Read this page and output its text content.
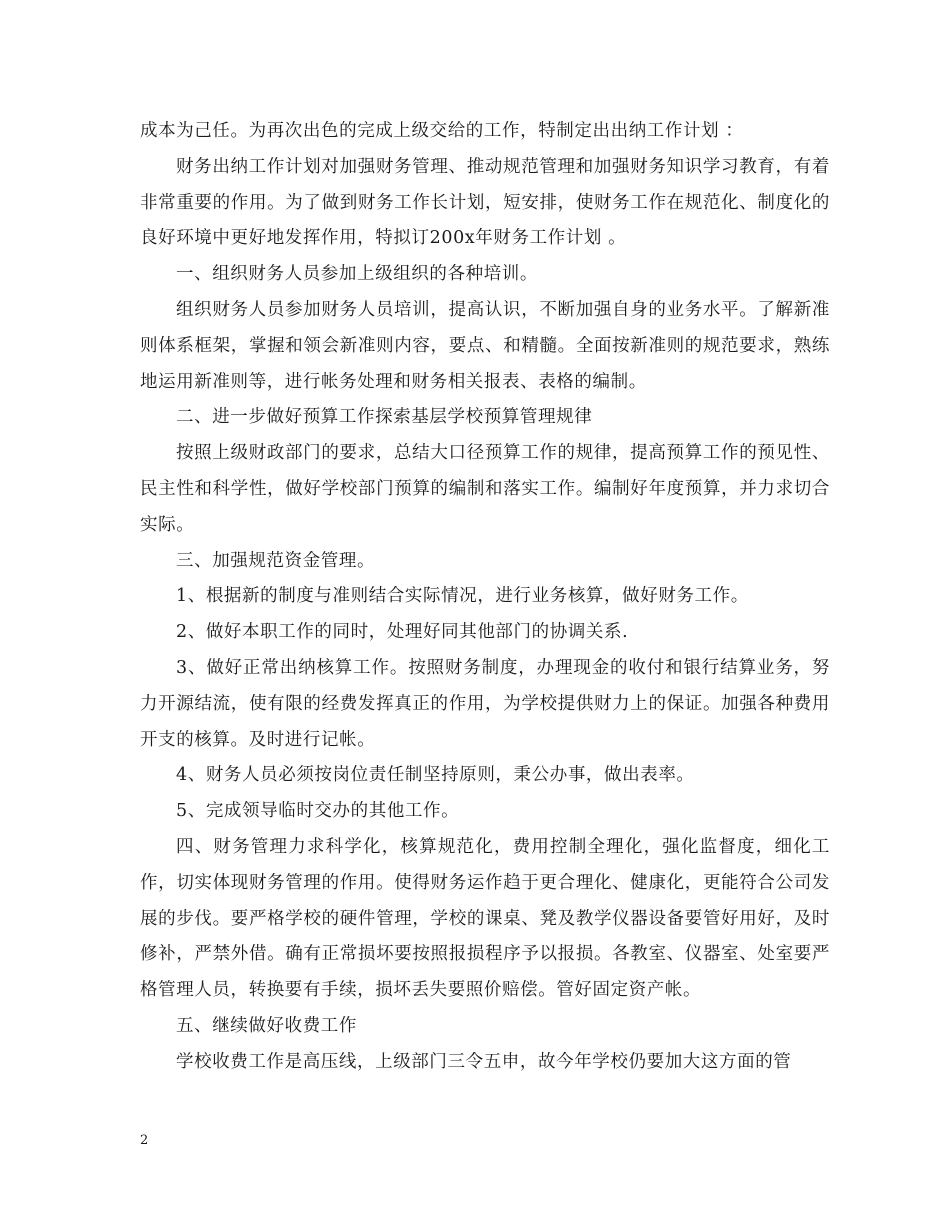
成本为己任。为再次出色的完成上级交给的工作，特制定出出纳工作计划 ：

财务出纳工作计划对加强财务管理、推动规范管理和加强财务知识学习教育，有着非常重要的作用。为了做到财务工作长计划，短安排，使财务工作在规范化、制度化的良好环境中更好地发挥作用，特拟订200x年财务工作计划 。

一、组织财务人员参加上级组织的各种培训。

组织财务人员参加财务人员培训，提高认识，不断加强自身的业务水平。了解新准则体系框架，掌握和领会新准则内容，要点、和精髓。全面按新准则的规范要求，熟练地运用新准则等，进行帐务处理和财务相关报表、表格的编制。

二、进一步做好预算工作探索基层学校预算管理规律

按照上级财政部门的要求，总结大口径预算工作的规律，提高预算工作的预见性、民主性和科学性，做好学校部门预算的编制和落实工作。编制好年度预算，并力求切合实际。

三、加强规范资金管理。

1、根据新的制度与准则结合实际情况，进行业务核算，做好财务工作。

2、做好本职工作的同时，处理好同其他部门的协调关系.

3、做好正常出纳核算工作。按照财务制度，办理现金的收付和银行结算业务，努力开源结流，使有限的经费发挥真正的作用，为学校提供财力上的保证。加强各种费用开支的核算。及时进行记帐。

4、财务人员必须按岗位责任制坚持原则，秉公办事，做出表率。

5、完成领导临时交办的其他工作。

四、财务管理力求科学化，核算规范化，费用控制全理化，强化监督度，细化工作，切实体现财务管理的作用。使得财务运作趋于更合理化、健康化，更能符合公司发展的步伐。要严格学校的硬件管理，学校的课桌、凳及教学仪器设备要管好用好，及时修补，严禁外借。确有正常损坏要按照报损程序予以报损。各教室、仪器室、处室要严格管理人员，转换要有手续，损坏丢失要照价赔偿。管好固定资产帐。

五、继续做好收费工作

学校收费工作是高压线，上级部门三令五申，故今年学校仍要加大这方面的管

2
